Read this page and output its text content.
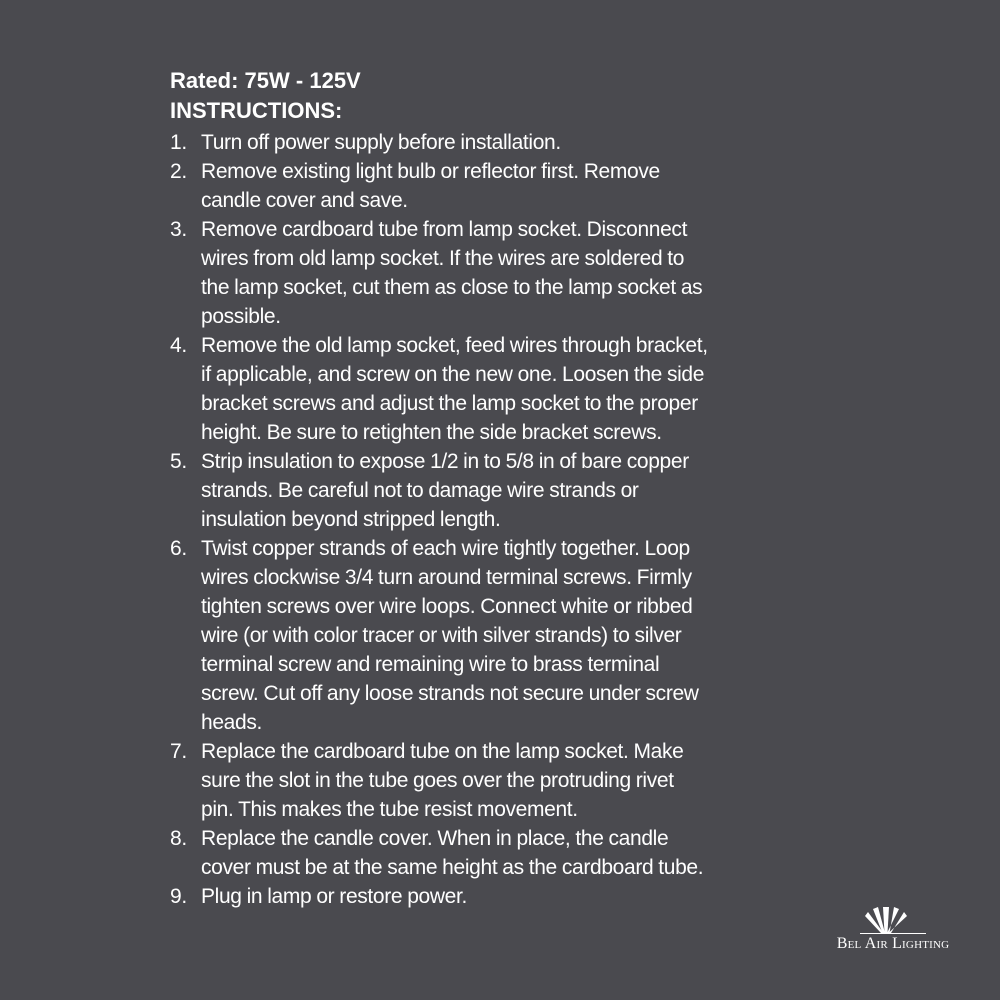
Rated: 75W - 125V
INSTRUCTIONS:
1. Turn off power supply before installation.
2. Remove existing light bulb or reflector first. Remove
candle cover and save.
3. Remove cardboard tube from lamp socket. Disconnect
wires from old lamp socket. If the wires are soldered to
the lamp socket, cut them as close to the lamp socket as
possible.
4. Remove the old lamp socket, feed wires through bracket,
if applicable, and screw on the new one. Loosen the side
bracket screws and adjust the lamp socket to the proper
height. Be sure to retighten the side bracket screws.
5. Strip insulation to expose 1/2 in to 5/8 in of bare copper
strands. Be careful not to damage wire strands or
insulation beyond stripped length.
6. Twist copper strands of each wire tightly together. Loop
wires clockwise 3/4 turn around terminal screws. Firmly
tighten screws over wire loops. Connect white or ribbed
wire (or with color tracer or with silver strands) to silver
terminal screw and remaining wire to brass terminal
screw. Cut off any loose strands not secure under screw
heads.
7. Replace the cardboard tube on the lamp socket. Make
sure the slot in the tube goes over the protruding rivet
pin. This makes the tube resist movement.
8. Replace the candle cover. When in place, the candle
cover must be at the same height as the cardboard tube.
9. Plug in lamp or restore power.
Bel Air Lighting
